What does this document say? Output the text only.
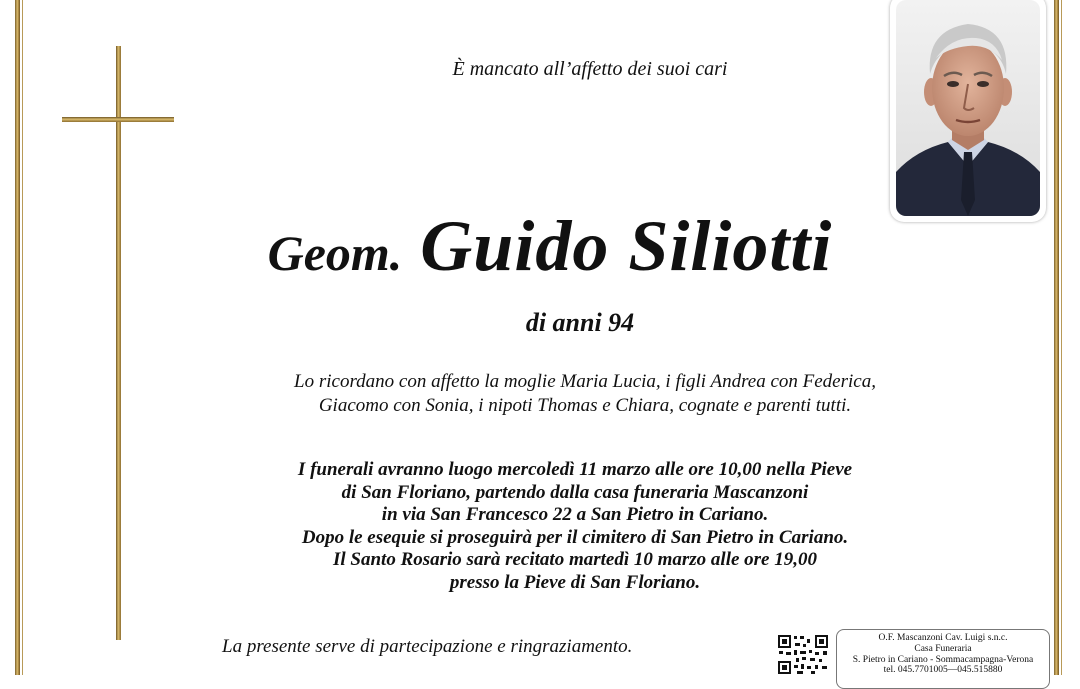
È mancato all’affetto dei suoi cari
Geom. Guido Siliotti
di anni 94
Lo ricordano con affetto la moglie Maria Lucia, i figli Andrea con Federica,
Giacomo con Sonia, i nipoti Thomas e Chiara, cognate e parenti tutti.
I funerali avranno luogo mercoledì 11 marzo alle ore 10,00 nella Pieve
di San Floriano, partendo dalla casa funeraria Mascanzoni
in via San Francesco 22 a San Pietro in Cariano.
Dopo le esequie si proseguirà per il cimitero di San Pietro in Cariano.
Il Santo Rosario sarà recitato martedì 10 marzo alle ore 19,00
presso la Pieve di San Floriano.
La presente serve di partecipazione e ringraziamento.	O.F. Mascanzoni Cav. Luigi s.n.c.
Casa Funeraria
S. Pietro in Cariano - Sommacampagna-Verona
tel. 045.7701005—045.515880
